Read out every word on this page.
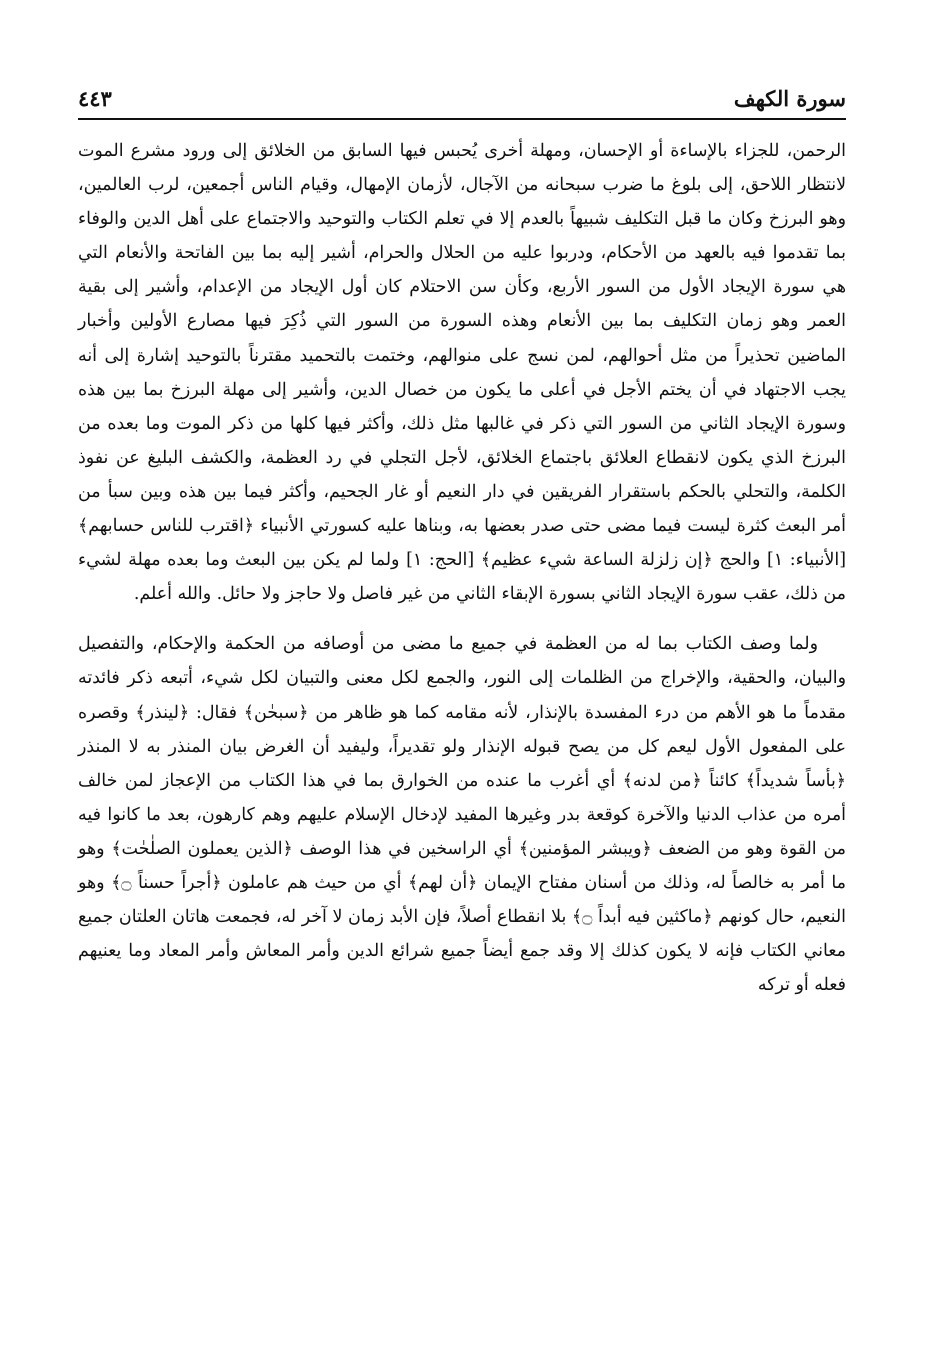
سورة الكهف
٤٤٣

الرحمن، للجزاء بالإساءة أو الإحسان، ومهلة أخرى يُحبس فيها السابق من الخلائق إلى ورود مشرع الموت لانتظار اللاحق، إلى بلوغ ما ضرب سبحانه من الآجال، لأزمان الإمهال، وقيام الناس أجمعين، لرب العالمين، وهو البرزخ وكان ما قبل التكليف شبيهاً بالعدم إلا في تعلم الكتاب والتوحيد والاجتماع على أهل الدين والوفاء بما تقدموا فيه بالعهد من الأحكام، ودربوا عليه من الحلال والحرام، أشير إليه بما بين الفاتحة والأنعام التي هي سورة الإيجاد الأول من السور الأربع، وكأن سن الاحتلام كان أول الإيجاد من الإعدام، وأشير إلى بقية العمر وهو زمان التكليف بما بين الأنعام وهذه السورة من السور التي ذُكِرَ فيها مصارع الأولين وأخبار الماضين تحذيراً من مثل أحوالهم، لمن نسج على منوالهم، وختمت بالتحميد مقترناً بالتوحيد إشارة إلى أنه يجب الاجتهاد في أن يختم الأجل في أعلى ما يكون من خصال الدين، وأشير إلى مهلة البرزخ بما بين هذه وسورة الإيجاد الثاني من السور التي ذكر في غالبها مثل ذلك، وأكثر فيها كلها من ذكر الموت وما بعده من البرزخ الذي يكون لانقطاع العلائق باجتماع الخلائق، لأجل التجلي في رد العظمة، والكشف البليغ عن نفوذ الكلمة، والتحلي بالحكم باستقرار الفريقين في دار النعيم أو غار الجحيم، وأكثر فيما بين هذه وبين سبأ من أمر البعث كثرة ليست فيما مضى حتى صدر بعضها به، وبناها عليه كسورتي الأنبياء ﴿اقترب للناس حسابهم﴾ [الأنبياء: ١] والحج ﴿إن زلزلة الساعة شيء عظيم﴾ [الحج: ١] ولما لم يكن بين البعث وما بعده مهلة لشيء من ذلك، عقب سورة الإيجاد الثاني بسورة الإبقاء الثاني من غير فاصل ولا حاجز ولا حائل. والله أعلم.

ولما وصف الكتاب بما له من العظمة في جميع ما مضى من أوصافه من الحكمة والإحكام، والتفصيل والبيان، والحقية، والإخراج من الظلمات إلى النور، والجمع لكل معنى والتبيان لكل شيء، أتبعه ذكر فائدته مقدماً ما هو الأهم من درء المفسدة بالإنذار، لأنه مقامه كما هو ظاهر من ﴿سبحٰن﴾ فقال: ﴿لينذر﴾ وقصره على المفعول الأول ليعم كل من يصح قبوله الإنذار ولو تقديراً، وليفيد أن الغرض بيان المنذر به لا المنذر ﴿بأساً شديداً﴾ كائناً ﴿من لدنه﴾ أي أغرب ما عنده من الخوارق بما في هذا الكتاب من الإعجاز لمن خالف أمره من عذاب الدنيا والآخرة كوقعة بدر وغيرها المفيد لإدخال الإسلام عليهم وهم كارهون، بعد ما كانوا فيه من القوة وهو من الضعف ﴿ويبشر المؤمنين﴾ أي الراسخين في هذا الوصف ﴿الذين يعملون الصلٰحٰت﴾ وهو ما أمر به خالصاً له، وذلك من أسنان مفتاح الإيمان ﴿أن لهم﴾ أي من حيث هم عاملون ﴿أجراً حسناً ۝﴾ وهو النعيم، حال كونهم ﴿ماكثين فيه أبداً ۝﴾ بلا انقطاع أصلاً، فإن الأبد زمان لا آخر له، فجمعت هاتان العلتان جميع معاني الكتاب فإنه لا يكون كذلك إلا وقد جمع أيضاً جميع شرائع الدين وأمر المعاش وأمر المعاد وما يعنيهم فعله أو تركه
